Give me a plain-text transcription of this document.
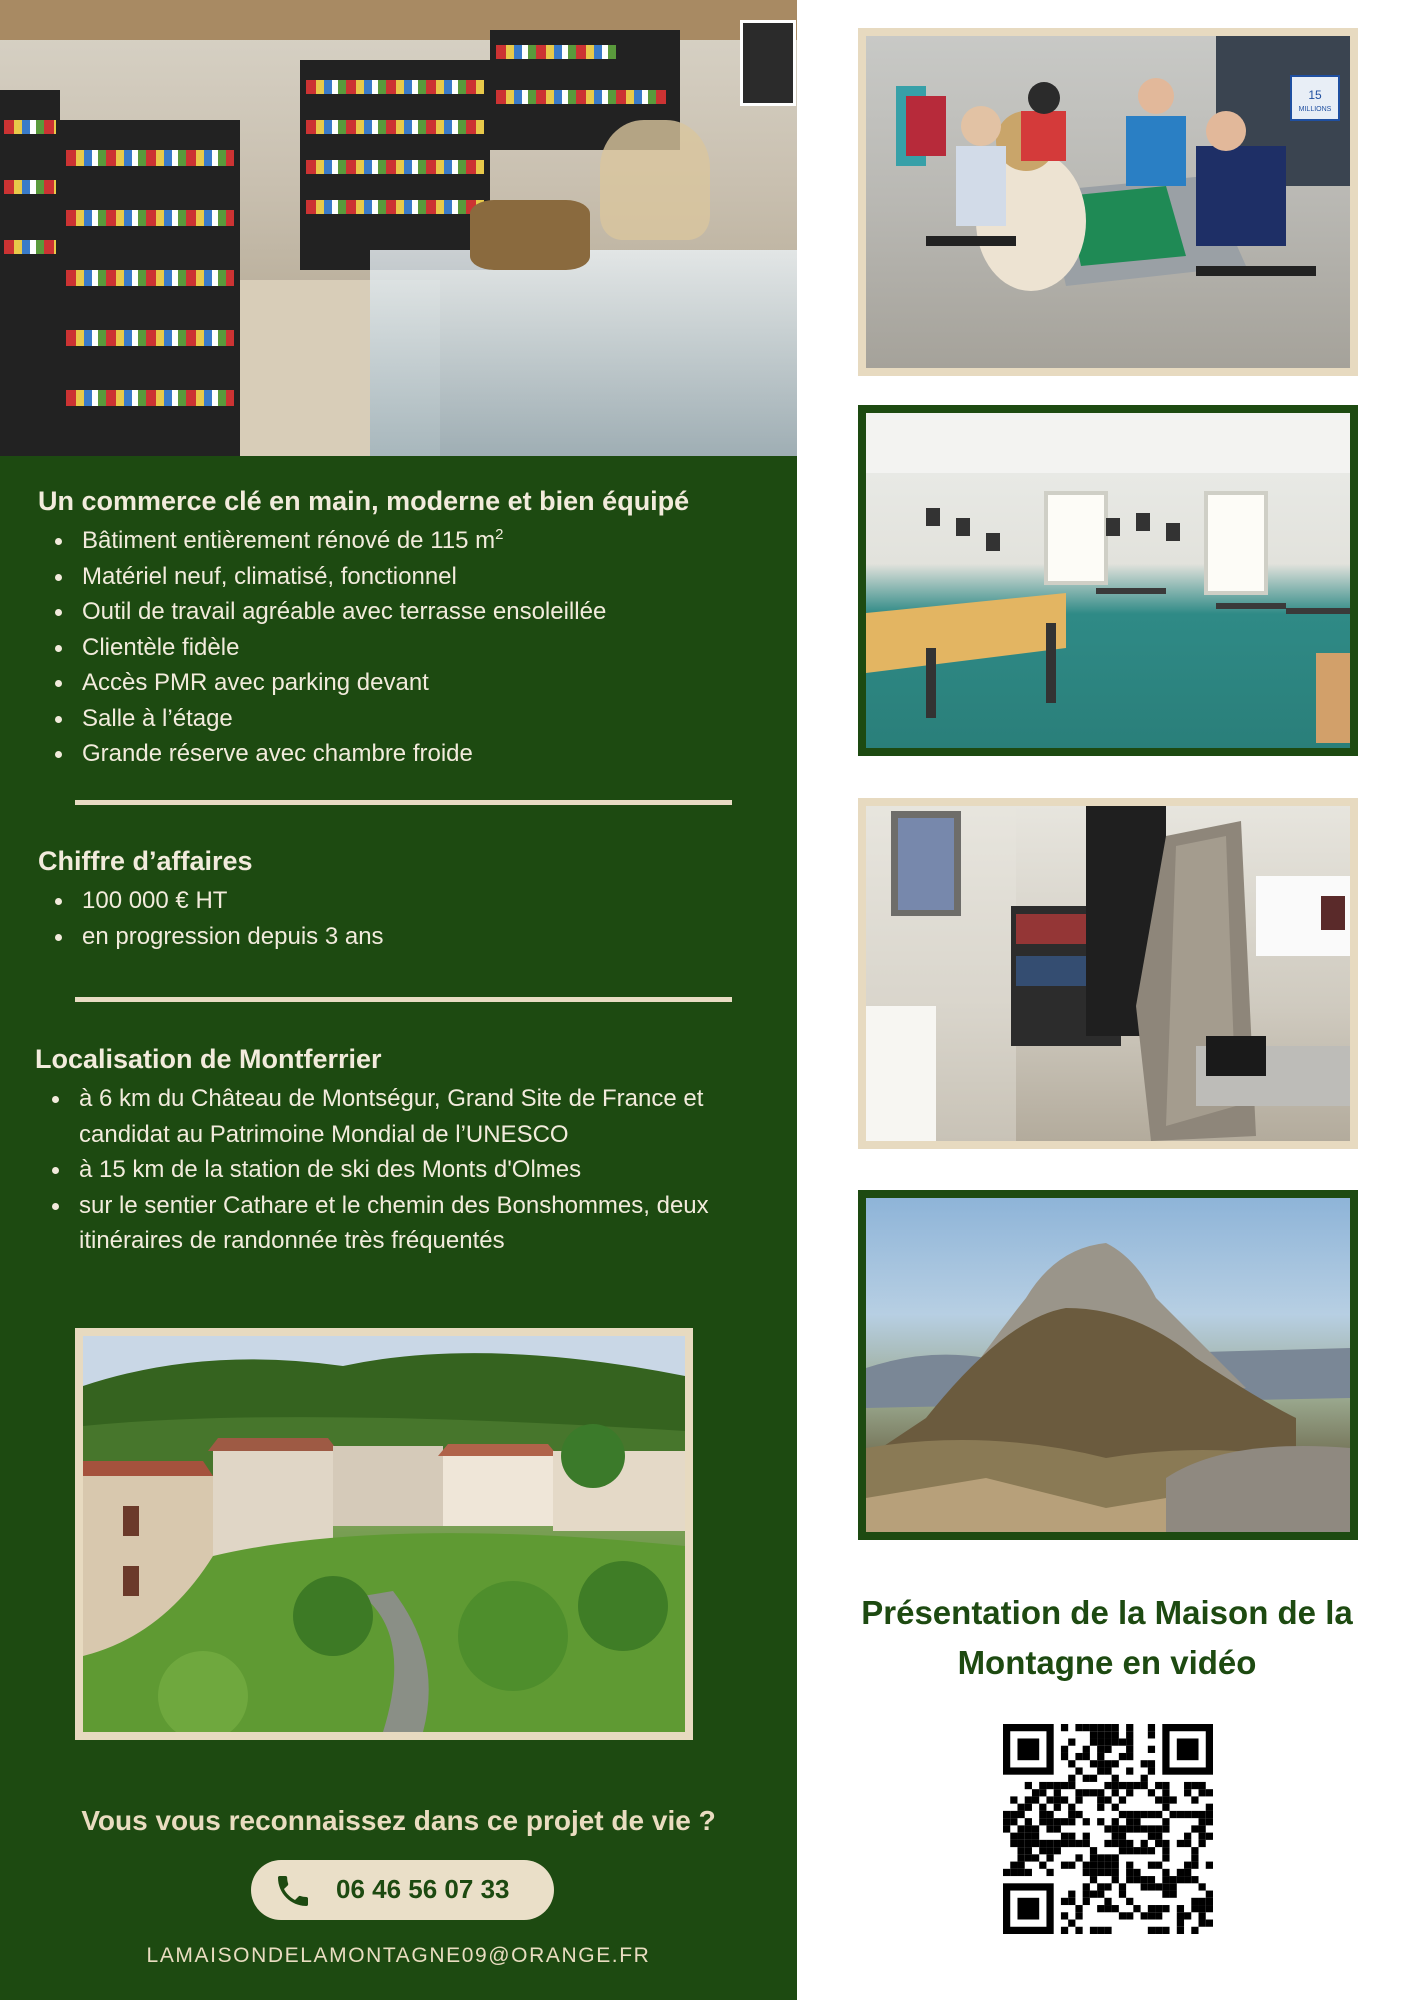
Un commerce clé en main, moderne et bien équipé
Bâtiment entièrement rénové de 115 $m^2$
Matériel neuf, climatisé, fonctionnel
Outil de travail agréable avec terrasse ensoleillée
Clientèle fidèle
Accès PMR avec parking devant
Salle à l’étage
Grande réserve avec chambre froide
Chiffre d’affaires
100 000 € HT
en progression depuis 3 ans
Localisation de Montferrier
à 6 km du Château de Montségur, Grand Site de France et candidat au Patrimoine Mondial de l’UNESCO
à 15 km de la station de ski des Monts d'Olmes
sur le sentier Cathare et le chemin des Bonshommes, deux itinéraires de randonnée très fréquentés

Vous vous reconnaissez dans ce projet de vie ?

06 46 56 07 33
LAMAISONDELAMONTAGNE09@ORANGE.FR
15
MILLIONS

Présentation de la Maison de la Montagne en vidéo
